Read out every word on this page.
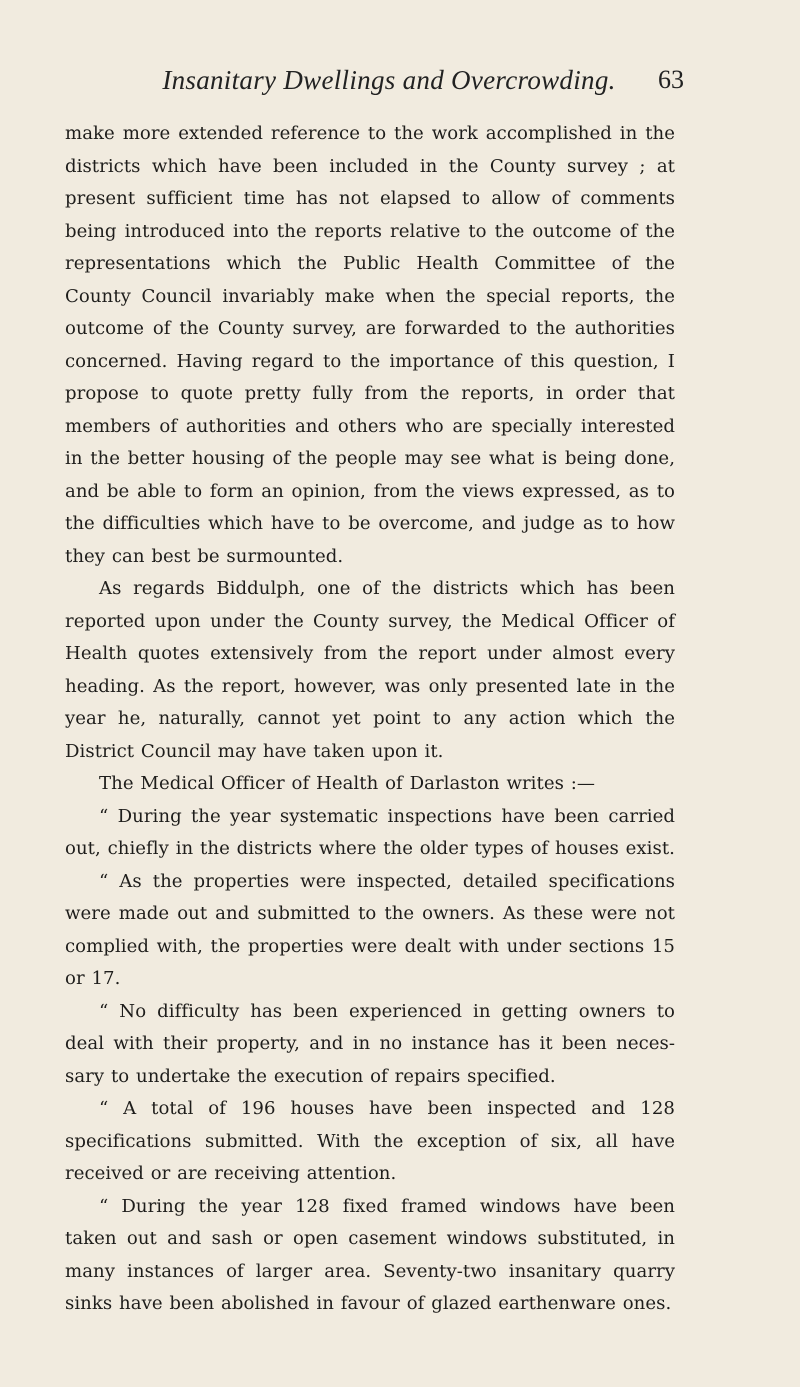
Insanitary Dwellings and Overcrowding.	63

make more extended reference to the work accomplished in the districts which have been included in the County survey ; at present sufficient time has not elapsed to allow of comments being introduced into the reports relative to the outcome of the representations which the Public Health Committee of the County Council invariably make when the special reports, the outcome of the County survey, are forwarded to the authorities concerned. Having regard to the importance of this question, I propose to quote pretty fully from the reports, in order that members of authorities and others who are specially interested in the better housing of the people may see what is being done, and be able to form an opinion, from the views expressed, as to the difficulties which have to be overcome, and judge as to how they can best be surmounted.

As regards Biddulph, one of the districts which has been reported upon under the County survey, the Medical Officer of Health quotes extensively from the report under almost every heading. As the report, however, was only presented late in the year he, naturally, cannot yet point to any action which the District Council may have taken upon it.

The Medical Officer of Health of Darlaston writes :—

“ During the year systematic inspections have been carried out, chiefly in the districts where the older types of houses exist.

“ As the properties were inspected, detailed specifications were made out and submitted to the owners. As these were not complied with, the properties were dealt with under sections 15 or 17.

“ No difficulty has been experienced in getting owners to deal with their property, and in no instance has it been necessary to undertake the execution of repairs specified.

“ A total of 196 houses have been inspected and 128 specifications submitted. With the exception of six, all have received or are receiving attention.

“ During the year 128 fixed framed windows have been taken out and sash or open casement windows substituted, in many instances of larger area. Seventy-two insanitary quarry sinks have been abolished in favour of glazed earthenware ones.
